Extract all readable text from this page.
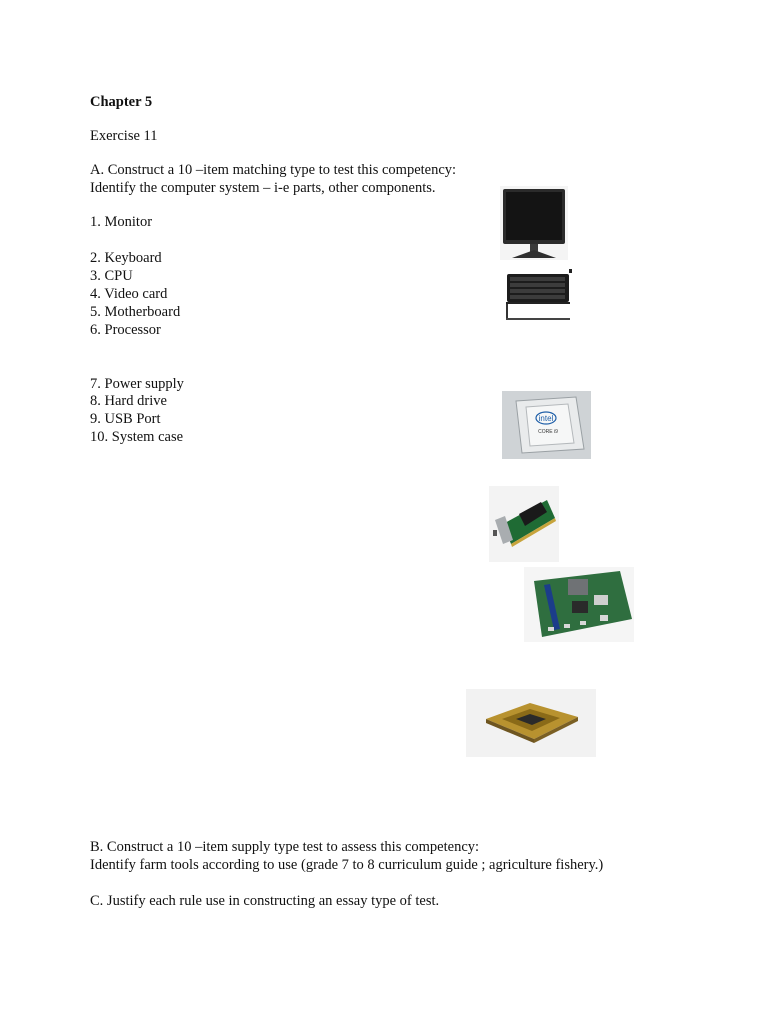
Chapter 5

Exercise 11

A. Construct a 10 –item matching type to test this competency:

Identify the computer system – i-e parts, other components.

1. Monitor

2. Keyboard

3. CPU

4. Video card

5. Motherboard

6. Processor

7. Power supply

8. Hard drive

9. USB Port

10. System case

B. Construct a 10 –item supply type test to assess this competency:

Identify farm tools according to use (grade 7 to 8 curriculum guide ; agriculture fishery.)

C. Justify each rule use in constructing an essay type of test.

intel
CORE i9
